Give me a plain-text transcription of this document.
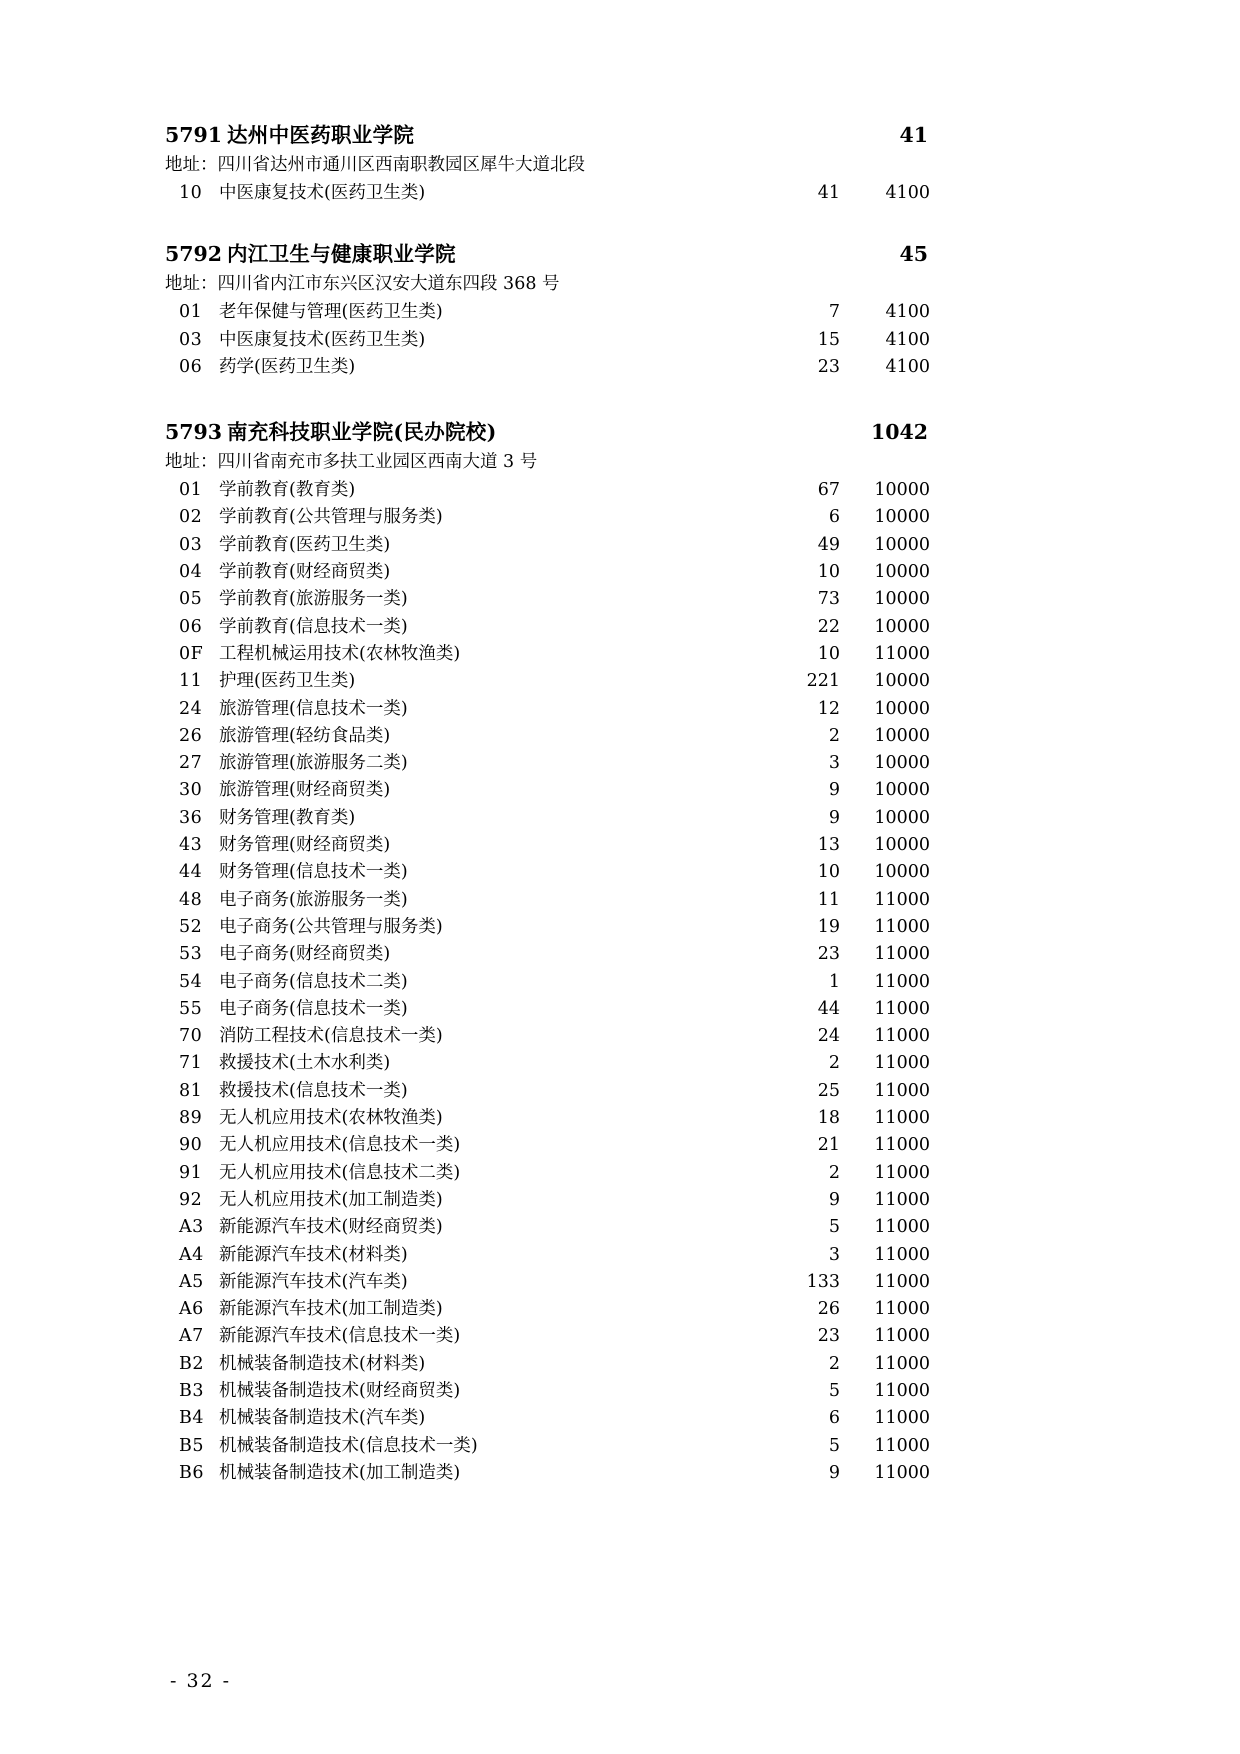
5791 达州中医药职业学院	41
地址：四川省达州市通川区西南职教园区犀牛大道北段
10 中医康复技术(医药卫生类)	41	4100
5792 内江卫生与健康职业学院	45
地址：四川省内江市东兴区汉安大道东四段 368 号
01 老年保健与管理(医药卫生类)	7	4100
03 中医康复技术(医药卫生类)	15	4100
06 药学(医药卫生类)	23	4100
5793 南充科技职业学院(民办院校)	1042
地址：四川省南充市多扶工业园区西南大道 3 号
01 学前教育(教育类)	67	10000
02 学前教育(公共管理与服务类)	6	10000
03 学前教育(医药卫生类)	49	10000
04 学前教育(财经商贸类)	10	10000
05 学前教育(旅游服务一类)	73	10000
06 学前教育(信息技术一类)	22	10000
0F 工程机械运用技术(农林牧渔类)	10	11000
11 护理(医药卫生类)	221	10000
24 旅游管理(信息技术一类)	12	10000
26 旅游管理(轻纺食品类)	2	10000
27 旅游管理(旅游服务二类)	3	10000
30 旅游管理(财经商贸类)	9	10000
36 财务管理(教育类)	9	10000
43 财务管理(财经商贸类)	13	10000
44 财务管理(信息技术一类)	10	10000
48 电子商务(旅游服务一类)	11	11000
52 电子商务(公共管理与服务类)	19	11000
53 电子商务(财经商贸类)	23	11000
54 电子商务(信息技术二类)	1	11000
55 电子商务(信息技术一类)	44	11000
70 消防工程技术(信息技术一类)	24	11000
71 救援技术(土木水利类)	2	11000
81 救援技术(信息技术一类)	25	11000
89 无人机应用技术(农林牧渔类)	18	11000
90 无人机应用技术(信息技术一类)	21	11000
91 无人机应用技术(信息技术二类)	2	11000
92 无人机应用技术(加工制造类)	9	11000
A3 新能源汽车技术(财经商贸类)	5	11000
A4 新能源汽车技术(材料类)	3	11000
A5 新能源汽车技术(汽车类)	133	11000
A6 新能源汽车技术(加工制造类)	26	11000
A7 新能源汽车技术(信息技术一类)	23	11000
B2 机械装备制造技术(材料类)	2	11000
B3 机械装备制造技术(财经商贸类)	5	11000
B4 机械装备制造技术(汽车类)	6	11000
B5 机械装备制造技术(信息技术一类)	5	11000
B6 机械装备制造技术(加工制造类)	9	11000
- 32 -
